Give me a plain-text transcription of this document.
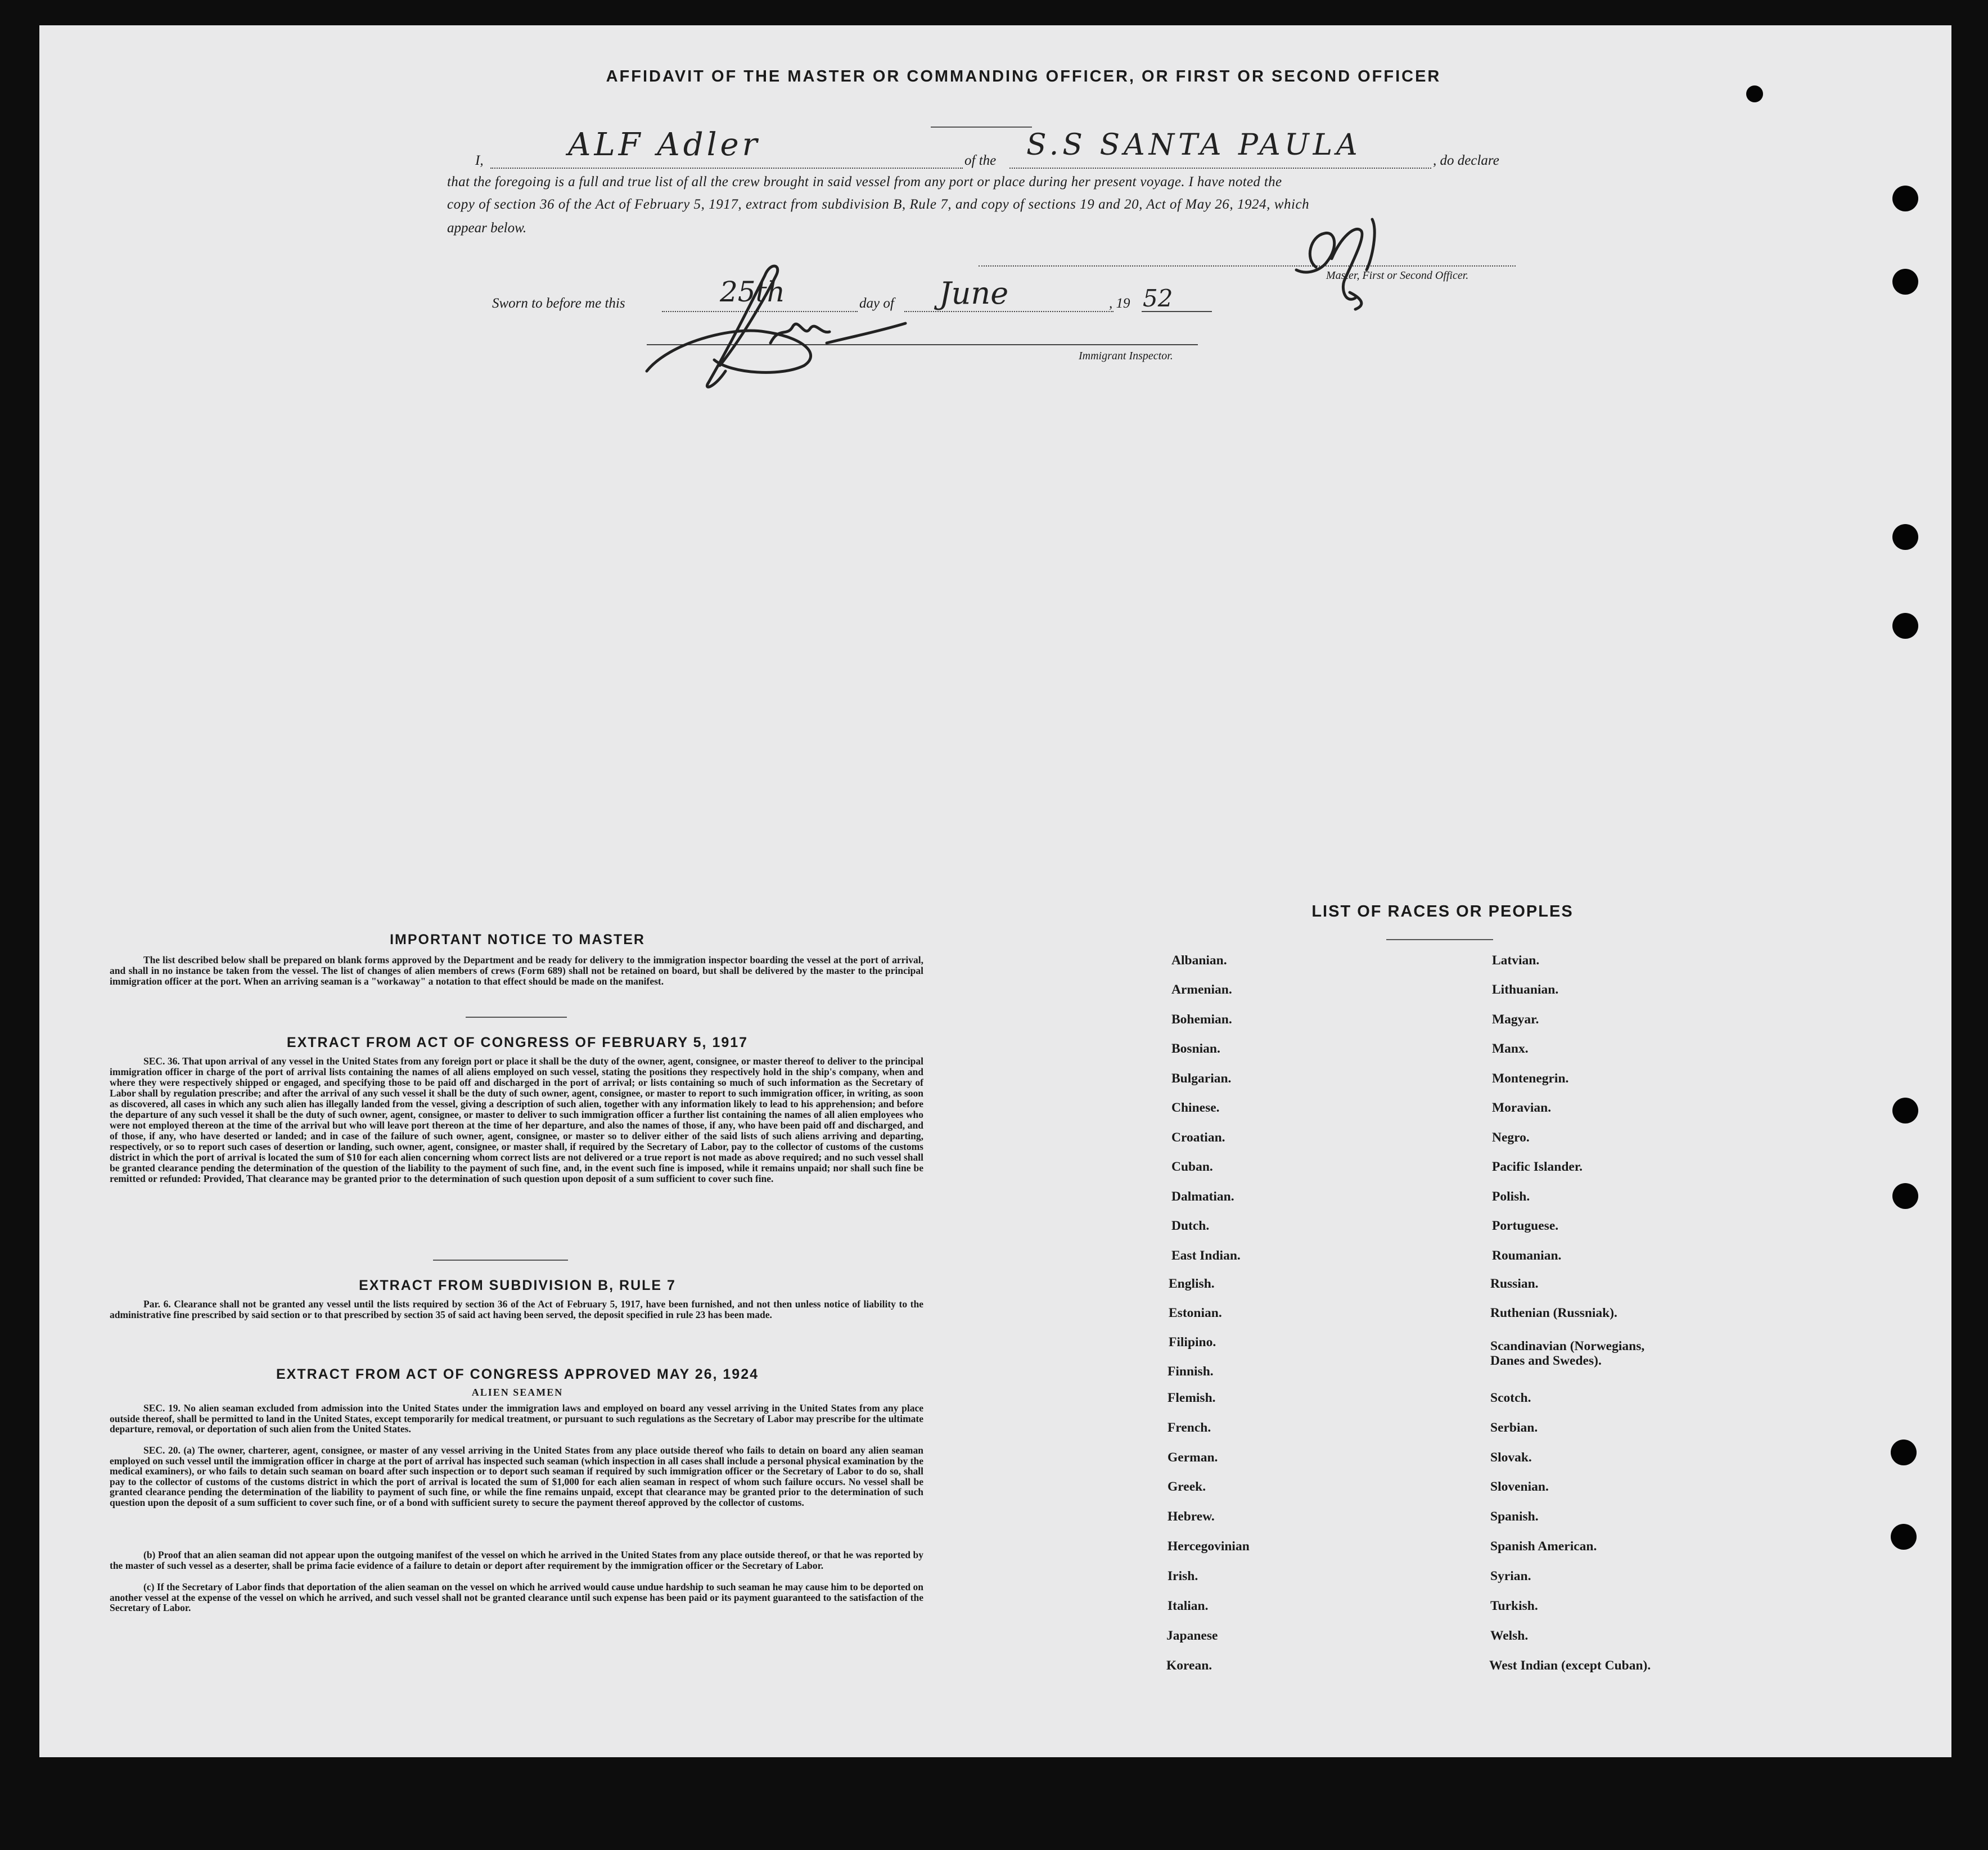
AFFIDAVIT OF THE MASTER OR COMMANDING OFFICER, OR FIRST OR SECOND OFFICER
I,	ALF Adler	of the S.S SANTA PAULA	, do declare
that the foregoing is a full and true list of all the crew brought in said vessel from any port or place during her present voyage. I have noted the
copy of section 36 of the Act of February 5, 1917, extract from subdivision B, Rule 7, and copy of sections 19 and 20, Act of May 26, 1924, which
appear below.
Master, First or Second Officer.
Sworn to before me this	25th	day of June	, 19 52
Immigrant Inspector.
IMPORTANT NOTICE TO MASTER
The list described below shall be prepared on blank forms approved by the Department and be ready for delivery to the immigration inspector boarding the vessel at the port of arrival, and shall in no instance be taken from the vessel. The list of changes of alien members of crews (Form 689) shall not be retained on board, but shall be delivered by the master to the principal immigration officer at the port. When an arriving seaman is a "workaway" a notation to that effect should be made on the manifest.
EXTRACT FROM ACT OF CONGRESS OF FEBRUARY 5, 1917
SEC. 36. That upon arrival of any vessel in the United States from any foreign port or place it shall be the duty of the owner, agent, consignee, or master thereof to deliver to the principal immigration officer in charge of the port of arrival lists containing the names of all aliens employed on such vessel, stating the positions they respectively hold in the ship's company, when and where they were respectively shipped or engaged, and specifying those to be paid off and discharged in the port of arrival; or lists containing so much of such information as the Secretary of Labor shall by regulation prescribe; and after the arrival of any such vessel it shall be the duty of such owner, agent, consignee, or master to report to such immigration officer, in writing, as soon as discovered, all cases in which any such alien has illegally landed from the vessel, giving a description of such alien, together with any information likely to lead to his apprehension; and before the departure of any such vessel it shall be the duty of such owner, agent, consignee, or master to deliver to such immigration officer a further list containing the names of all alien employees who were not employed thereon at the time of the arrival but who will leave port thereon at the time of her departure, and also the names of those, if any, who have been paid off and discharged, and of those, if any, who have deserted or landed; and in case of the failure of such owner, agent, consignee, or master so to deliver either of the said lists of such aliens arriving and departing, respectively, or so to report such cases of desertion or landing, such owner, agent, consignee, or master shall, if required by the Secretary of Labor, pay to the collector of customs of the customs district in which the port of arrival is located the sum of $10 for each alien concerning whom correct lists are not delivered or a true report is not made as above required; and no such vessel shall be granted clearance pending the determination of the question of the liability to the payment of such fine, and, in the event such fine is imposed, while it remains unpaid; nor shall such fine be remitted or refunded: Provided, That clearance may be granted prior to the determination of such question upon deposit of a sum sufficient to cover such fine.
EXTRACT FROM SUBDIVISION B, RULE 7
Par. 6. Clearance shall not be granted any vessel until the lists required by section 36 of the Act of February 5, 1917, have been furnished, and not then unless notice of liability to the administrative fine prescribed by said section or to that prescribed by section 35 of said act having been served, the deposit specified in rule 23 has been made.
EXTRACT FROM ACT OF CONGRESS APPROVED MAY 26, 1924
ALIEN SEAMEN
SEC. 19. No alien seaman excluded from admission into the United States under the immigration laws and employed on board any vessel arriving in the United States from any place outside thereof, shall be permitted to land in the United States, except temporarily for medical treatment, or pursuant to such regulations as the Secretary of Labor may prescribe for the ultimate departure, removal, or deportation of such alien from the United States.
SEC. 20. (a) The owner, charterer, agent, consignee, or master of any vessel arriving in the United States from any place outside thereof who fails to detain on board any alien seaman employed on such vessel until the immigration officer in charge at the port of arrival has inspected such seaman (which inspection in all cases shall include a personal physical examination by the medical examiners), or who fails to detain such seaman on board after such inspection or to deport such seaman if required by such immigration officer or the Secretary of Labor to do so, shall pay to the collector of customs of the customs district in which the port of arrival is located the sum of $1,000 for each alien seaman in respect of whom such failure occurs. No vessel shall be granted clearance pending the determination of the liability to payment of such fine, or while the fine remains unpaid, except that clearance may be granted prior to the determination of such question upon the deposit of a sum sufficient to cover such fine, or of a bond with sufficient surety to secure the payment thereof approved by the collector of customs.
(b) Proof that an alien seaman did not appear upon the outgoing manifest of the vessel on which he arrived in the United States from any place outside thereof, or that he was reported by the master of such vessel as a deserter, shall be prima facie evidence of a failure to detain or deport after requirement by the immigration officer or the Secretary of Labor.
(c) If the Secretary of Labor finds that deportation of the alien seaman on the vessel on which he arrived would cause undue hardship to such seaman he may cause him to be deported on another vessel at the expense of the vessel on which he arrived, and such vessel shall not be granted clearance until such expense has been paid or its payment guaranteed to the satisfaction of the Secretary of Labor.
LIST OF RACES OR PEOPLES
Albanian.
Armenian.
Bohemian.
Bosnian.
Bulgarian.
Chinese.
Croatian.
Cuban.
Dalmatian.
Dutch.
East Indian.
English.
Estonian.
Filipino.
Finnish.
Flemish.
French.
German.
Greek.
Hebrew.
Hercegovinian
Irish.
Italian.
Japanese
Korean.
Latvian.
Lithuanian.
Magyar.
Manx.
Montenegrin.
Moravian.
Negro.
Pacific Islander.
Polish.
Portuguese.
Roumanian.
Russian.
Ruthenian (Russniak).
Scandinavian (Norwegians, Danes and Swedes).
Scotch.
Serbian.
Slovak.
Slovenian.
Spanish.
Spanish American.
Syrian.
Turkish.
Welsh.
West Indian (except Cuban).
